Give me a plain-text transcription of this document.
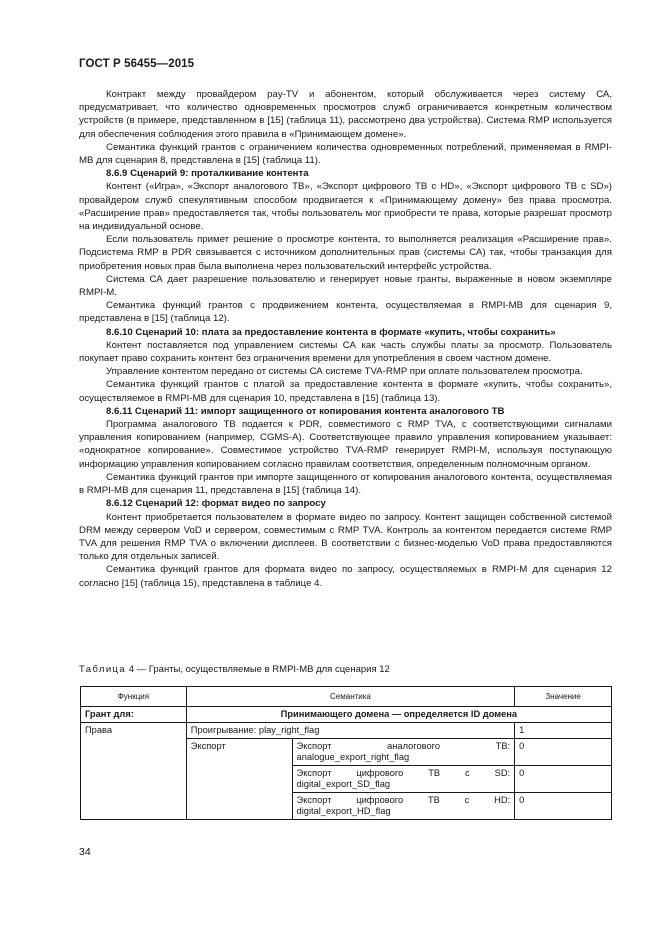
ГОСТ Р 56455—2015

Контракт между провайдером pay-TV и абонентом, который обслуживается через систему СА, предусматривает, что количество одновременных просмотров служб ограничивается конкретным количеством устройств (в примере, представленном в [15] (таблица 11), рассмотрено два устройства). Система RMP используется для обеспечения соблюдения этого правила в «Принимающем домене».

Семантика функций грантов с ограничением количества одновременных потреблений, применяемая в RMPI-MB для сценария 8, представлена в [15] (таблица 11).

8.6.9 Сценарий 9: проталкивание контента

Контент («Игра», «Экспорт аналогового ТВ», «Экспорт цифрового ТВ с HD», «Экспорт цифрового ТВ с SD») провайдером служб спекулятивным способом продвигается к «Принимающему домену» без права просмотра. «Расширение прав» предоставляется так, чтобы пользователь мог приобрести те права, которые разрешат просмотр на индивидуальной основе.

Если пользователь примет решение о просмотре контента, то выполняется реализация «Расширение прав». Подсистема RMP в PDR связывается с источником дополнительных прав (системы СА) так, чтобы транзакция для приобретения новых прав была выполнена через пользовательский интерфейс устройства.

Система СА дает разрешение пользователю и генерирует новые гранты, выраженные в новом экземпляре RMPI-M.

Семантика функций грантов с продвижением контента, осуществляемая в RMPI-MB для сценария 9, представлена в [15] (таблица 12).

8.6.10 Сценарий 10: плата за предоставление контента в формате «купить, чтобы сохранить»

Контент поставляется под управлением системы СА как часть службы платы за просмотр. Пользователь покупает право сохранить контент без ограничения времени для употребления в своем частном домене.

Управление контентом передано от системы СА системе TVA-RMP при оплате пользователем просмотра.

Семантика функций грантов с платой за предоставление контента в формате «купить, чтобы сохранить», осуществляемое в RMPI-MB для сценария 10, представлена в [15] (таблица 13).

8.6.11 Сценарий 11: импорт защищенного от копирования контента аналогового ТВ

Программа аналогового ТВ подается к PDR, совместимого с RMP TVA, с соответствующими сигналами управления копированием (например, CGMS-A). Соответствующее правило управления копированием указывает: «однократное копирование». Совместимое устройство TVA-RMP генерирует RMPI-M, используя поступающую информацию управления копированием согласно правилам соответствия, определенным полномочным органом.

Семантика функций грантов при импорте защищенного от копирования аналогового контента, осуществляемая в RMPI-MB для сценария 11, представлена в [15] (таблица 14).

8.6.12 Сценарий 12: формат видео по запросу

Контент приобретается пользователем в формате видео по запросу. Контент защищен собственной системой DRM между сервером VoD и сервером, совместимым с RMP TVA. Контроль за контентом передается системе RMP TVA для решения RMP TVA о включении дисплеев. В соответствии с бизнес-моделью VoD права предоставляются только для отдельных записей.

Семантика функций грантов для формата видео по запросу, осуществляемых в RMPI-M для сценария 12 согласно [15] (таблица 15), представлена в таблице 4.

Таблица 4 — Гранты, осуществляемые в RMPI-MB для сценария 12
Функция	Семантика		Значение
Грант для:	Принимающего домена — определяется ID домена		
Права	Проигрывание: play_right_flag		1
	Экспорт	Экспорт аналогового ТВ: analogue_export_right_flag	0
		Экспорт цифрового ТВ с SD: digital_export_SD_flag	0
		Экспорт цифрового ТВ с HD: digital_export_HD_flag	0
34
